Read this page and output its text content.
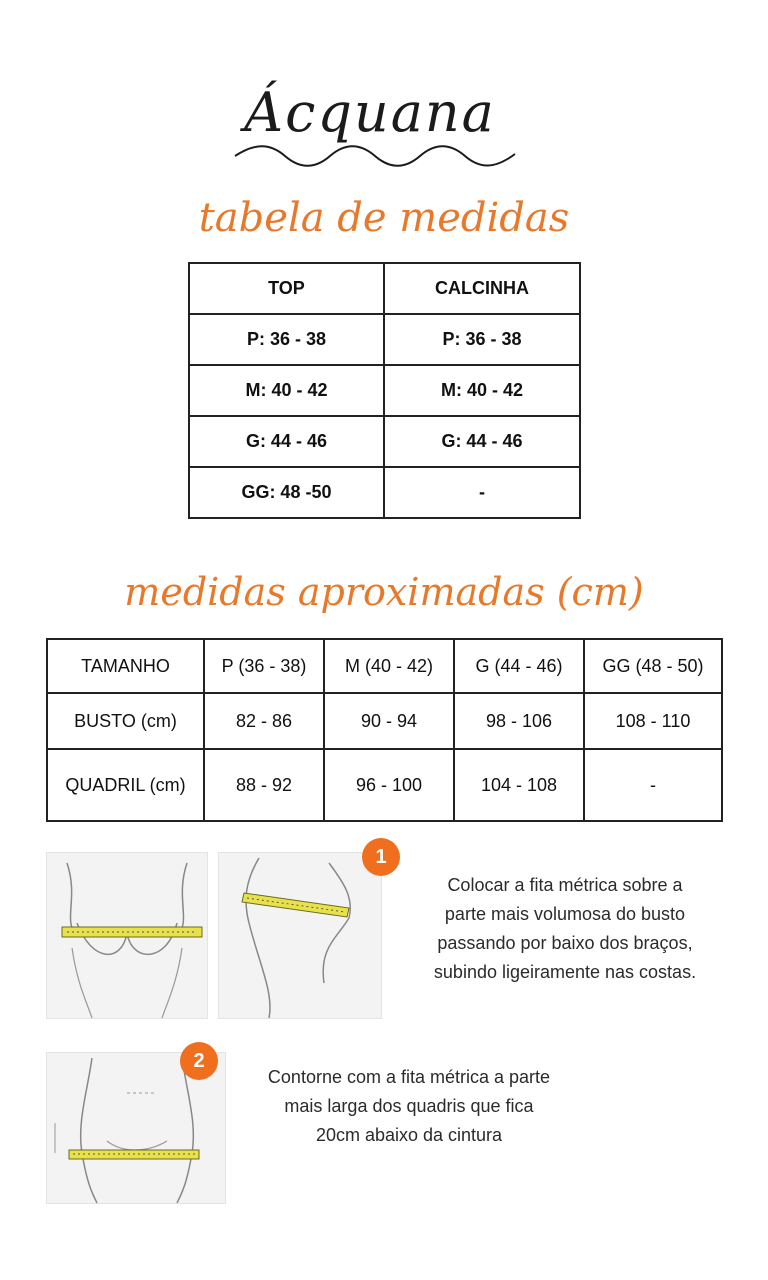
Ácquana
tabela de medidas
TOP	CALCINHA
P: 36 - 38	P: 36 - 38
M: 40 - 42	M: 40 - 42
G: 44 - 46	G: 44 - 46
GG: 48 -50	-
medidas aproximadas (cm)
TAMANHO	P (36 - 38)	M (40 - 42)	G (44 - 46)	GG (48 - 50)
BUSTO (cm)	82 - 86	90 - 94	98 - 106	108 - 110
QUADRIL (cm)	88 - 92	96 - 100	104 - 108	-
1
Colocar a fita métrica sobre a
parte mais volumosa do busto
passando por baixo dos braços,
subindo ligeiramente nas costas.
2
Contorne com a fita métrica a parte
mais larga dos quadris que fica
20cm abaixo da cintura
